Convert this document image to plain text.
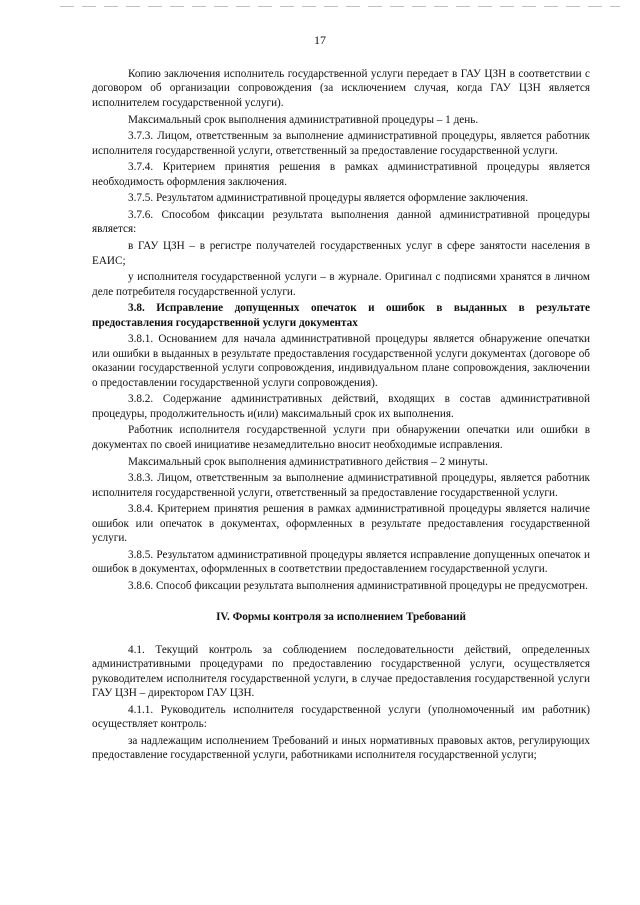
17

Копию заключения исполнитель государственной услуги передает в ГАУ ЦЗН в соответствии с договором об организации сопровождения (за исключением случая, когда ГАУ ЦЗН является исполнителем государственной услуги).

Максимальный срок выполнения административной процедуры – 1 день.

3.7.3. Лицом, ответственным за выполнение административной процедуры, является работник исполнителя государственной услуги, ответственный за предоставление государственной услуги.

3.7.4. Критерием принятия решения в рамках административной процедуры является необходимость оформления заключения.

3.7.5. Результатом административной процедуры является оформление заключения.

3.7.6. Способом фиксации результата выполнения данной административной процедуры является:

в ГАУ ЦЗН – в регистре получателей государственных услуг в сфере занятости населения в ЕАИС;

у исполнителя государственной услуги – в журнале. Оригинал с подписями хранятся в личном деле потребителя государственной услуги.

3.8. Исправление допущенных опечаток и ошибок в выданных в результате предоставления государственной услуги документах

3.8.1. Основанием для начала административной процедуры является обнаружение опечатки или ошибки в выданных в результате предоставления государственной услуги документах (договоре об оказании государственной услуги сопровождения, индивидуальном плане сопровождения, заключении о предоставлении государственной услуги сопровождения).

3.8.2. Содержание административных действий, входящих в состав административной процедуры, продолжительность и(или) максимальный срок их выполнения.

Работник исполнителя государственной услуги при обнаружении опечатки или ошибки в документах по своей инициативе незамедлительно вносит необходимые исправления.

Максимальный срок выполнения административного действия – 2 минуты.

3.8.3. Лицом, ответственным за выполнение административной процедуры, является работник исполнителя государственной услуги, ответственный за предоставление государственной услуги.

3.8.4. Критерием принятия решения в рамках административной процедуры является наличие ошибок или опечаток в документах, оформленных в результате предоставления государственной услуги.

3.8.5. Результатом административной процедуры является исправление допущенных опечаток и ошибок в документах, оформленных в соответствии предоставлением государственной услуги.

3.8.6. Способ фиксации результата выполнения административной процедуры не предусмотрен.

IV. Формы контроля за исполнением Требований

4.1. Текущий контроль за соблюдением последовательности действий, определенных административными процедурами по предоставлению государственной услуги, осуществляется руководителем исполнителя государственной услуги, в случае предоставления государственной услуги ГАУ ЦЗН – директором ГАУ ЦЗН.

4.1.1. Руководитель исполнителя государственной услуги (уполномоченный им работник) осуществляет контроль:

за надлежащим исполнением Требований и иных нормативных правовых актов, регулирующих предоставление государственной услуги, работниками исполнителя государственной услуги;
